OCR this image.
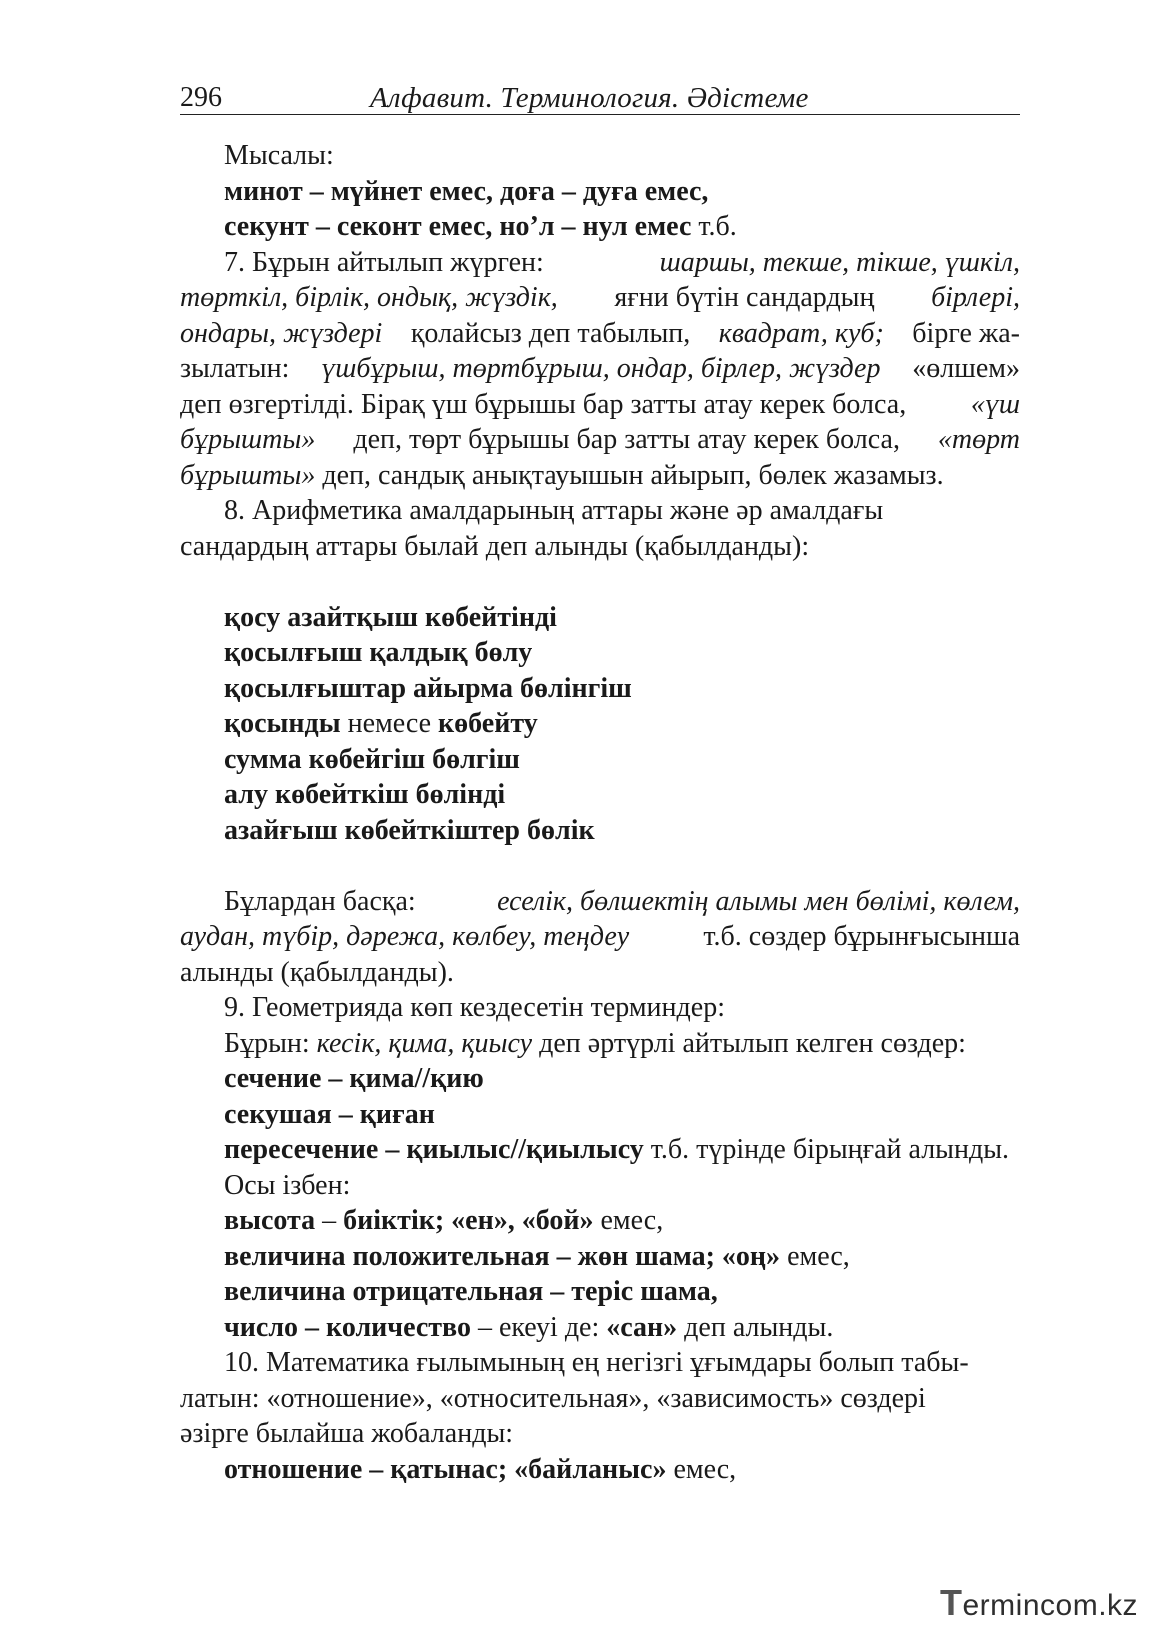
296	Алфавит. Терминология. Әдістеме
Мысалы:
минот – мүйнет емес, доға – дуға емес,
секунт – секонт емес, но’л – нул емес т.б.
7. Бұрын айтылып жүрген:	шаршы, текше, тікше, үшкіл,
төрткіл, бірлік, ондық, жүздік, яғни бүтін сандардың бірлері,
ондары, жүздері қолайсыз деп табылып, квадрат, куб; бірге жа-
зылатын: үшбұрыш, төртбұрыш, ондар, бірлер, жүздер «өлшем»
деп өзгертілді. Бірақ үш бұрышы бар затты атау керек болса, «үш
бұрышты» деп, төрт бұрышы бар затты атау керек болса, «төрт
бұрышты» деп, сандық анықтауышын айырып, бөлек жазамыз.
8. Арифметика амалдарының аттары және әр амалдағы
сандардың аттары былай деп алынды (қабылданды):
қосу азайтқыш көбейтінді
қосылғыш қалдық бөлу
қосылғыштар айырма бөлінгіш
қосынды немесе көбейту
сумма көбейгіш бөлгіш
алу көбейткіш бөлінді
азайғыш көбейткіштер бөлік
Бұлардан басқа:	еселік, бөлшектің алымы мен бөлімі, көлем,
аудан, түбір, дәрежа, көлбеу, теңдеу	т.б. сөздер бұрынғысынша
алынды (қабылданды).
9. Геометрияда көп кездесетін терминдер:
Бұрын: кесік, қима, қиысу деп әртүрлі айтылып келген сөздер:
сечение – қима//қию
секушая – қиған
пересечение – қиылыс//қиылысу т.б. түрінде бірыңғай алынды.
Осы ізбен:
высота – биіктік; «ен», «бой» емес,
величина положительная – жөн шама; «оң» емес,
величина отрицательная – теріс шама,
число – количество – екеуі де: «сан» деп алынды.
10. Математика ғылымының ең негізгі ұғымдары болып табы-
латын: «отношение», «относительная», «зависимость» сөздері
әзірге былайша жобаланды:
отношение – қатынас; «байланыс» емес,
Termincom.kz
